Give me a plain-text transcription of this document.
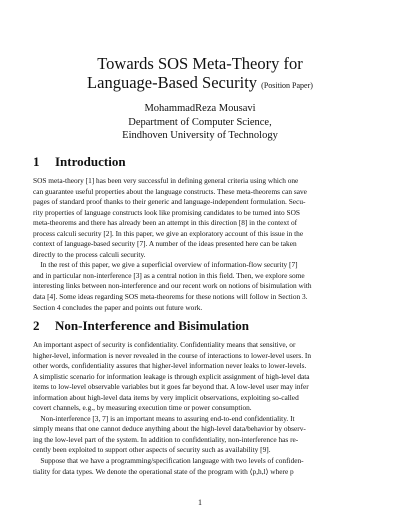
Towards SOS Meta-Theory for
Language-Based Security (Position Paper)
MohammadReza Mousavi
Department of Computer Science,
Eindhoven University of Technology
1 Introduction
SOS meta-theory [1] has been very successful in defining general criteria using which one
can guarantee useful properties about the language constructs. These meta-theorems can save
pages of standard proof thanks to their generic and language-independent formulation. Secu-
rity properties of language constructs look like promising candidates to be turned into SOS
meta-theorems and there has already been an attempt in this direction [8] in the context of
process calculi security [2]. In this paper, we give an exploratory account of this issue in the
context of language-based security [7]. A number of the ideas presented here can be taken
directly to the process calculi security.
In the rest of this paper, we give a superficial overview of information-flow security [7]
and in particular non-interference [3] as a central notion in this field. Then, we explore some
interesting links between non-interference and our recent work on notions of bisimulation with
data [4]. Some ideas regarding SOS meta-theorems for these notions will follow in Section 3.
Section 4 concludes the paper and points out future work.
2 Non-Interference and Bisimulation
An important aspect of security is confidentiality. Confidentiality means that sensitive, or
higher-level, information is never revealed in the course of interactions to lower-level users. In
other words, confidentiality assures that higher-level information never leaks to lower-levels.
A simplistic scenario for information leakage is through explicit assignment of high-level data
items to low-level observable variables but it goes far beyond that. A low-level user may infer
information about high-level data items by very implicit observations, exploiting so-called
covert channels, e.g., by measuring execution time or power consumption.
Non-interference [3, 7] is an important means to assuring end-to-end confidentiality. It
simply means that one cannot deduce anything about the high-level data/behavior by observ-
ing the low-level part of the system. In addition to confidentiality, non-interference has re-
cently been exploited to support other aspects of security such as availability [9].
Suppose that we have a programming/specification language with two levels of confiden-
tiality for data types. We denote the operational state of the program with ⟨p,h,l⟩ where p
1
